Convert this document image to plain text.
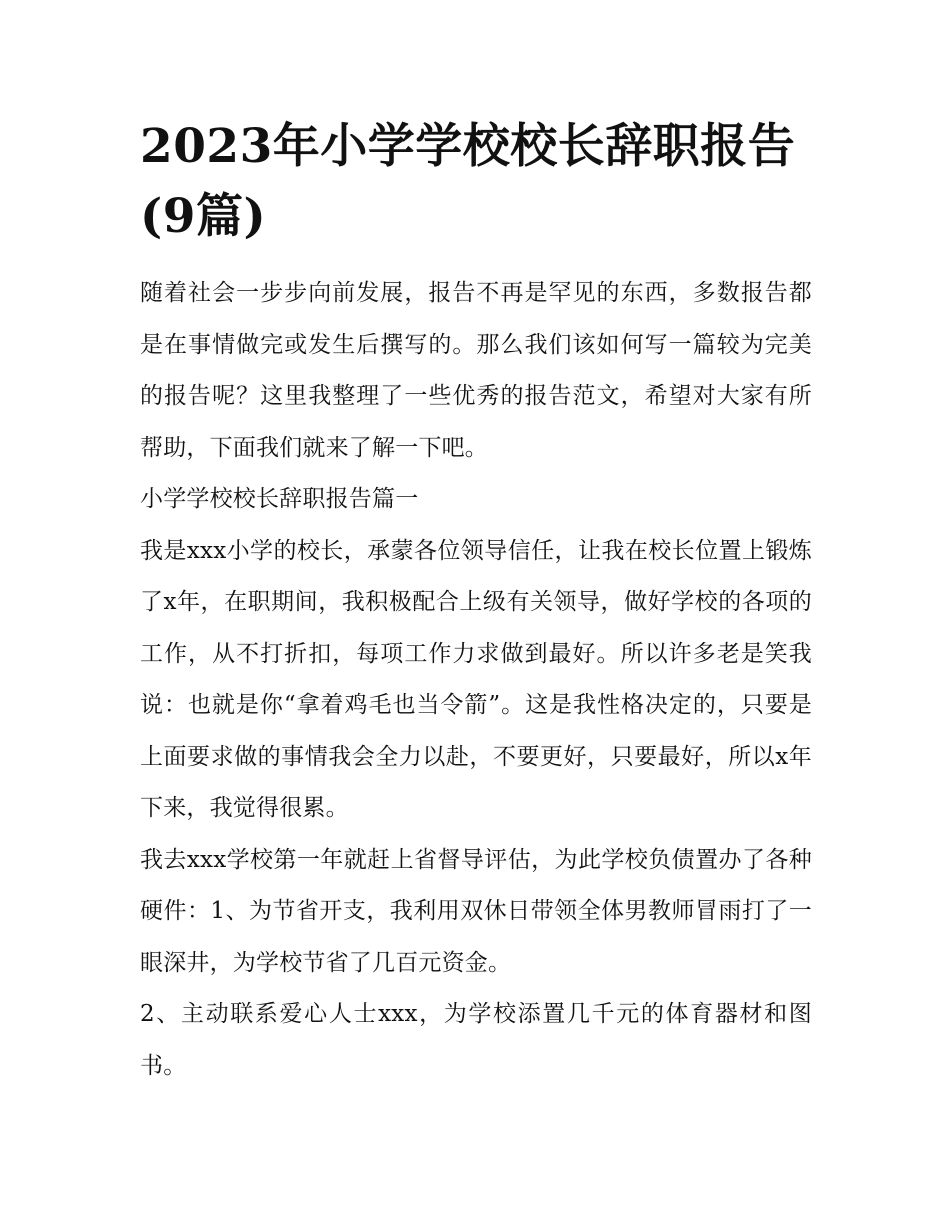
2023年小学学校校长辞职报告(9篇)

随着社会一步步向前发展，报告不再是罕见的东西，多数报告都是在事情做完或发生后撰写的。那么我们该如何写一篇较为完美的报告呢？这里我整理了一些优秀的报告范文，希望对大家有所帮助，下面我们就来了解一下吧。

小学学校校长辞职报告篇一

我是xxx小学的校长，承蒙各位领导信任，让我在校长位置上锻炼了x年，在职期间，我积极配合上级有关领导，做好学校的各项的工作，从不打折扣，每项工作力求做到最好。所以许多老是笑我说：也就是你“拿着鸡毛也当令箭”。这是我性格决定的，只要是上面要求做的事情我会全力以赴，不要更好，只要最好，所以x年下来，我觉得很累。

我去xxx学校第一年就赶上省督导评估，为此学校负债置办了各种硬件：1、为节省开支，我利用双休日带领全体男教师冒雨打了一眼深井，为学校节省了几百元资金。

2、主动联系爱心人士xxx，为学校添置几千元的体育器材和图书。
